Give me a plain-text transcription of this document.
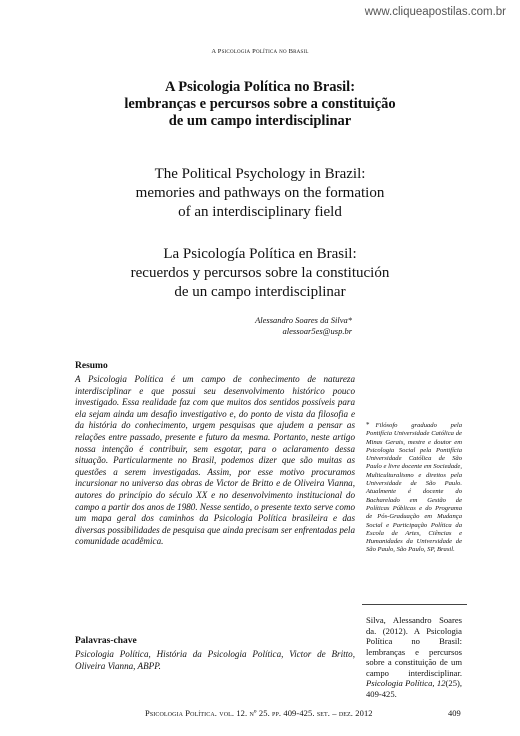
www.cliqueapostilas.com.br
A Psicologia Política no Brasil
A Psicologia Política no Brasil:
lembranças e percursos sobre a constituição
de um campo interdisciplinar
The Political Psychology in Brazil:
memories and pathways on the formation
of an interdisciplinary field
La Psicología Política en Brasil:
recuerdos y percursos sobre la constitución
de un campo interdisciplinar
Alessandro Soares da Silva*
alessoar5es@usp.br
Resumo
A Psicologia Política é um campo de conhecimento de natureza interdisciplinar e que possui seu desenvolvimento histórico pouco investigado. Essa realidade faz com que muitos dos sentidos possíveis para ela sejam ainda um desafio investigativo e, do ponto de vista da filosofia e da história do conhecimento, urgem pesquisas que ajudem a pensar as relações entre passado, presente e futuro da mesma. Portanto, neste artigo nossa intenção é contribuir, sem esgotar, para o aclaramento dessa situação. Particularmente no Brasil, podemos dizer que são muitas as questões a serem investigadas. Assim, por esse motivo procuramos incursionar no universo das obras de Victor de Britto e de Oliveira Vianna, autores do princípio do século XX e no desenvolvimento institucional do campo a partir dos anos de 1980. Nesse sentido, o presente texto serve como um mapa geral dos caminhos da Psicologia Política brasileira e das diversas possibilidades de pesquisa que ainda precisam ser enfrentadas pela comunidade acadêmica.
Palavras-chave
Psicologia Política, História da Psicologia Política, Victor de Britto, Oliveira Vianna, ABPP.
* Filósofo graduado pela Pontifícia Universidade Católica de Minas Gerais, mestre e doutor em Psicologia Social pela Pontifícia Universidade Católica de São Paulo e livre docente em Sociedade, Multiculturalismo e direitos pela Universidade de São Paulo. Atualmente é docente do Bacharelado em Gestão de Políticas Públicas e do Programa de Pós-Graduação em Mudança Social e Participação Política da Escola de Artes, Ciências e Humanidades da Universidade de São Paulo, São Paulo, SP, Brasil.
Silva, Alessandro Soares da. (2012). A Psicologia Política no Brasil: lembranças e percursos sobre a constituição de um campo interdisciplinar. Psicologia Política, 12(25), 409-425.
Psicologia Política. vol. 12. nº 25. pp. 409-425. set. – dez. 2012	409
